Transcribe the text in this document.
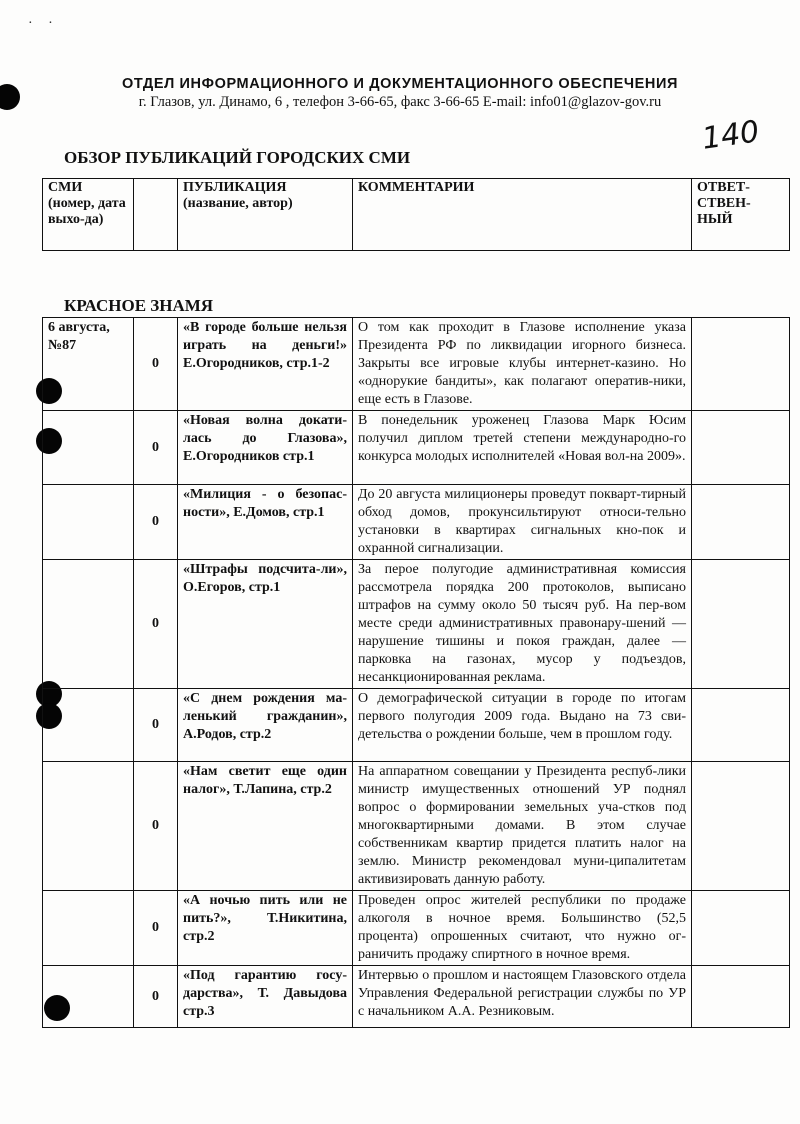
· ·
ОТДЕЛ ИНФОРМАЦИОННОГО И ДОКУМЕНТАЦИОННОГО ОБЕСПЕЧЕНИЯ
г. Глазов, ул. Динамо, 6 , телефон 3-66-65, факс 3-66-65 E-mail: info01@glazov-gov.ru
140
ОБЗОР ПУБЛИКАЦИЙ ГОРОДСКИХ СМИ
СМИ (номер, дата выхо-да)		ПУБЛИКАЦИЯ (название, автор)	КОММЕНТАРИИ	ОТВЕТ-СТВЕН-НЫЙ
КРАСНОЕ ЗНАМЯ
6 августа, №87	0	«В городе больше нельзя играть на деньги!» Е.Огородников, стр.1-2	О том как проходит в Глазове исполнение указа Президента РФ по ликвидации игорного бизнеса. Закрыты все игровые клубы интернет-казино. Но «однорукие бандиты», как полагают оператив-ники, еще есть в Глазове.	
	0	«Новая волна докати-лась до Глазова», Е.Огородников стр.1	В понедельник уроженец Глазова Марк Юсим получил диплом третей степени международно-го конкурса молодых исполнителей «Новая вол-на 2009».	
	0	«Милиция - о безопас-ности», Е.Домов, стр.1	До 20 августа милиционеры проведут покварт-тирный обход домов, прокунсильтируют относи-тельно установки в квартирах сигнальных кно-пок и охранной сигнализации.	
	0	«Штрафы подсчита-ли», О.Егоров, стр.1	За перое полугодие административная комиссия рассмотрела порядка 200 протоколов, выписано штрафов на сумму около 50 тысяч руб. На пер-вом месте среди административных правонару-шений — нарушение тишины и покоя граждан, далее — парковка на газонах, мусор у подъездов, несанкционированная реклама.	
	0	«С днем рождения ма-ленький гражданин», А.Родов, стр.2	О демографической ситуации в городе по итогам первого полугодия 2009 года. Выдано на 73 сви-детельства о рождении больше, чем в прошлом году.	
	0	«Нам светит еще один налог», Т.Лапина, стр.2	На аппаратном совещании у Президента респуб-лики министр имущественных отношений УР поднял вопрос о формировании земельных уча-стков под многоквартирными домами. В этом случае собственникам квартир придется платить налог на землю. Министр рекомендовал муни-ципалитетам активизировать данную работу.	
	0	«А ночью пить или не пить?», Т.Никитина, стр.2	Проведен опрос жителей республики по продаже алкоголя в ночное время. Большинство (52,5 процента) опрошенных считают, что нужно ог-раничить продажу спиртного в ночное время.	
	0	«Под гарантию госу-дарства», Т. Давыдова стр.3	Интервью о прошлом и настоящем Глазовского отдела Управления Федеральной регистрации службы по УР с начальником А.А. Резниковым.	
